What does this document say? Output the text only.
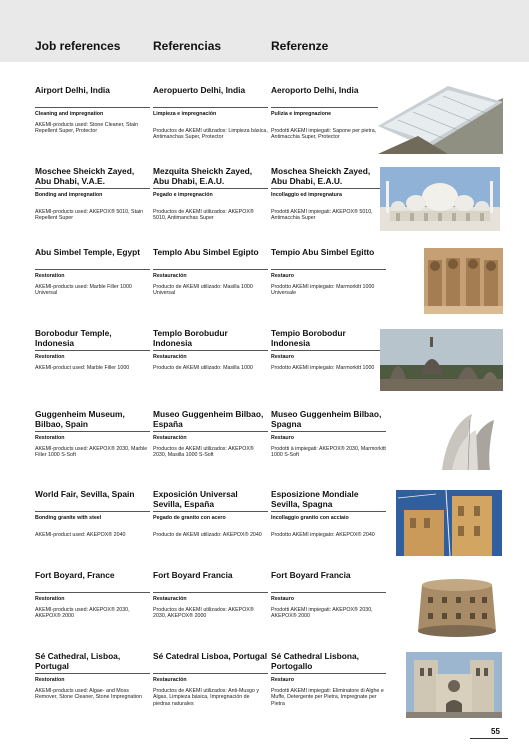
Job references	Referencias	Referenze
Airport Delhi, India
Cleaning and impregnation
AKEMI-products used: Stone Cleaner, Stain Repellent Super, Protector
Aeropuerto Delhi, India
Limpieza e impregnación
Productos de AKEMI utilizados: Limpieza básica, Antimanchas Super, Protector
Aeroporto Delhi, India
Pulizia e impregnazione
Prodotti AKEMI impiegati: Sapone per pietra, Antimacchia Super, Protector
Moschee Sheickh Zayed, Abu Dhabi, V.A.E.
Bonding and impregnation
AKEMI-products used: AKEPOX® 5010, Stain Repellent Super
Mezquita Sheickh Zayed, Abu Dhabi, E.A.U.
Pegado e impregnación
Productos de AKEMI utilizados: AKEPOX® 5010, Antimanchas Super
Moschea Sheickh Zayed, Abu Dhabi, E.A.U.
Incollaggio ed impregnatura
Prodotti AKEMI impiegati: AKEPOX® 5010, Antimacchia Super
Abu Simbel Temple, Egypt
Restoration
AKEMI-products used: Marble Filler 1000 Universal
Templo Abu Simbel Egipto
Restauración
Producto de AKEMI utilizado: Masilla 1000 Universal
Tempio Abu Simbel Egitto
Restauro
Prodotto AKEMI impiegato: Marmorkitt 1000 Universale
Borobodur Temple, Indonesia
Restoration
AKEMI-product used: Marble Filler 1000
Templo Borobudur Indonesia
Restauración
Producto de AKEMI utilizado: Masilla 1000
Tempio Borobodur Indonesia
Restauro
Prodotto AKEMI impiegato: Marmorkitt 1000
Guggenheim Museum, Bilbao, Spain
Restoration
AKEMI-products used: AKEPOX® 2030, Marble Filler 1000 S-Soft
Museo Guggenheim Bilbao, España
Restauración
Productos de AKEMI utilizados: AKEPOX® 2030, Masilla 1000 S-Soft
Museo Guggenheim Bilbao, Spagna
Restauro
Prodotti à impiegati: AKEPOX® 2030, Marmorkitt 1000 S-Soft
World Fair, Sevilla, Spain
Bonding granite with steel
AKEMI-product used: AKEPOX® 2040
Exposición Universal Sevilla, España
Pegado de granito con acero
Producto de AKEMI utilizado: AKEPOX® 2040
Esposizione Mondiale Sevilla, Spagna
Incollaggio granito con acciaio
Prodotto AKEMI impiegato: AKEPOX® 2040
Fort Boyard, France
Restoration
AKEMI-products used: AKEPOX® 2030, AKEPOX® 2000
Fort Boyard Francia
Restauración
Productos de AKEMI utilizados: AKEPOX® 2030, AKEPOX® 2000
Fort Boyard Francia
Restauro
Prodotti AKEMI impiegati: AKEPOX® 2030, AKEPOX® 2000
Sé Cathedral, Lisboa, Portugal
Restoration
AKEMI-products used: Algae- and Moss Remover, Stone Cleaner, Stone Impregnation
Sé Catedral Lisboa, Portugal
Restauración
Productos de AKEMI utilizados: Anti-Musgo y Algas, Limpieza básica, Impregnación de piedras naturales
Sé Cathedral Lisbona, Portogallo
Restauro
Prodotti AKEMI impiegati: Eliminatore di Alghe e Muffe, Detergente per Pietra, Impregnate per Pietra
55
